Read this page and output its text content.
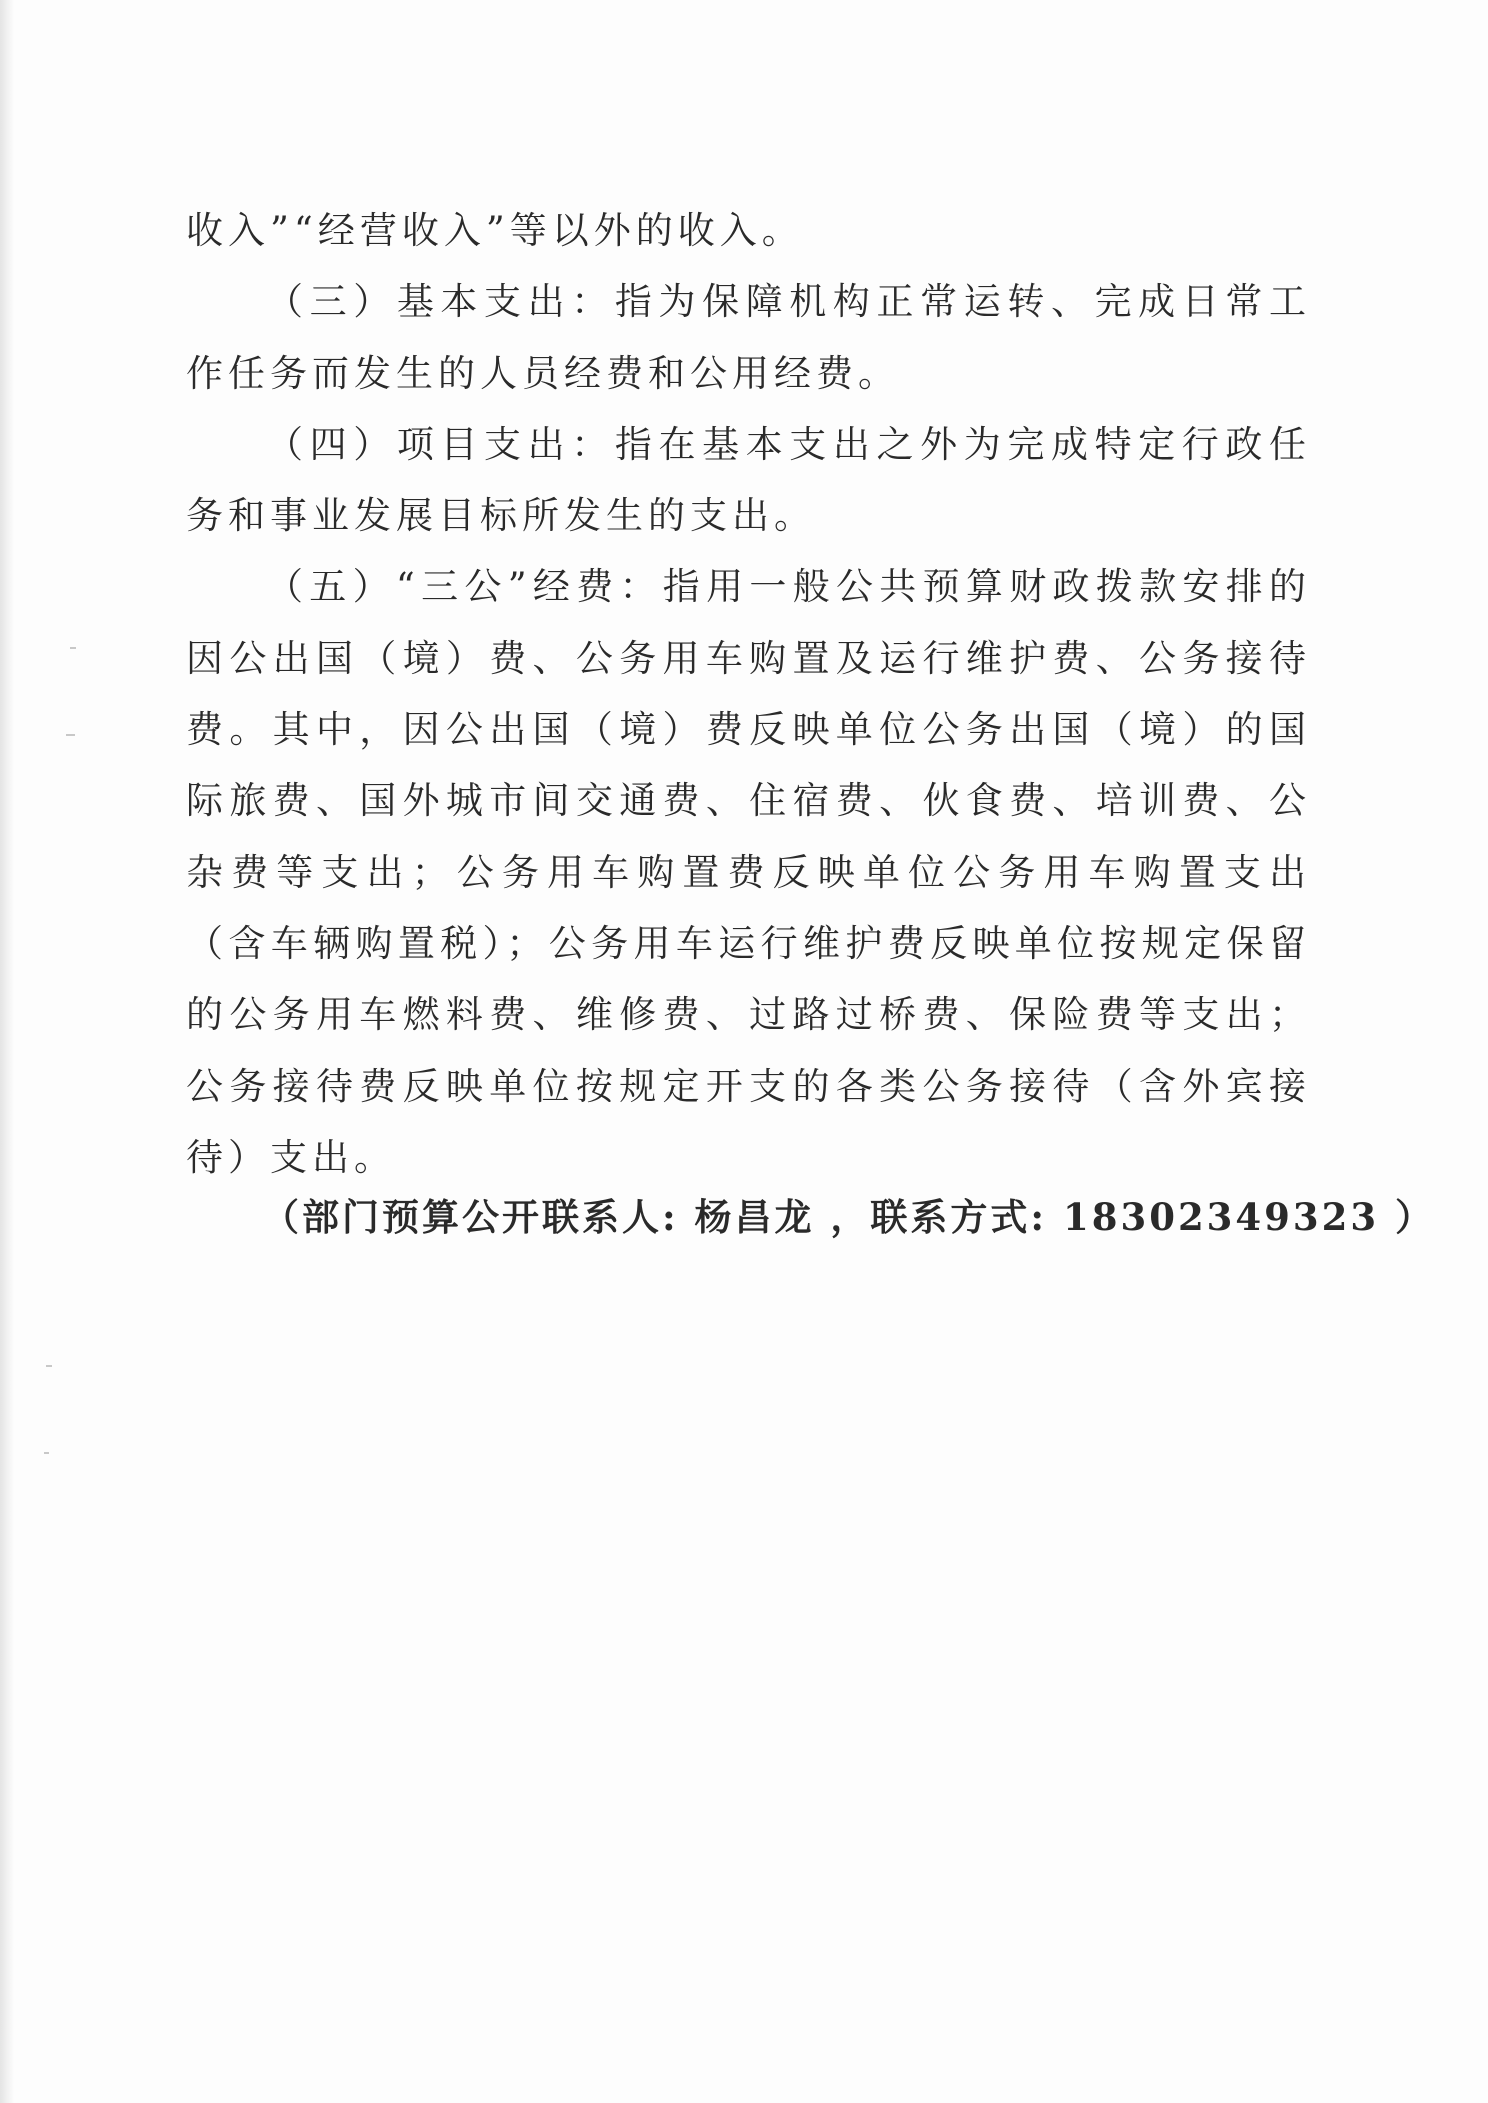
收入”“经营收入”等以外的收入。

（三）基本支出：指为保障机构正常运转、完成日常工作任务而发生的人员经费和公用经费。

（四）项目支出：指在基本支出之外为完成特定行政任务和事业发展目标所发生的支出。

（五）“三公”经费：指用一般公共预算财政拨款安排的因公出国（境）费、公务用车购置及运行维护费、公务接待费。其中，因公出国（境）费反映单位公务出国（境）的国际旅费、国外城市间交通费、住宿费、伙食费、培训费、公杂费等支出；公务用车购置费反映单位公务用车购置支出（含车辆购置税）；公务用车运行维护费反映单位按规定保留的公务用车燃料费、维修费、过路过桥费、保险费等支出；公务接待费反映单位按规定开支的各类公务接待（含外宾接待）支出。

（部门预算公开联系人: 杨昌龙 ，联系方式: 18302349323 ）
